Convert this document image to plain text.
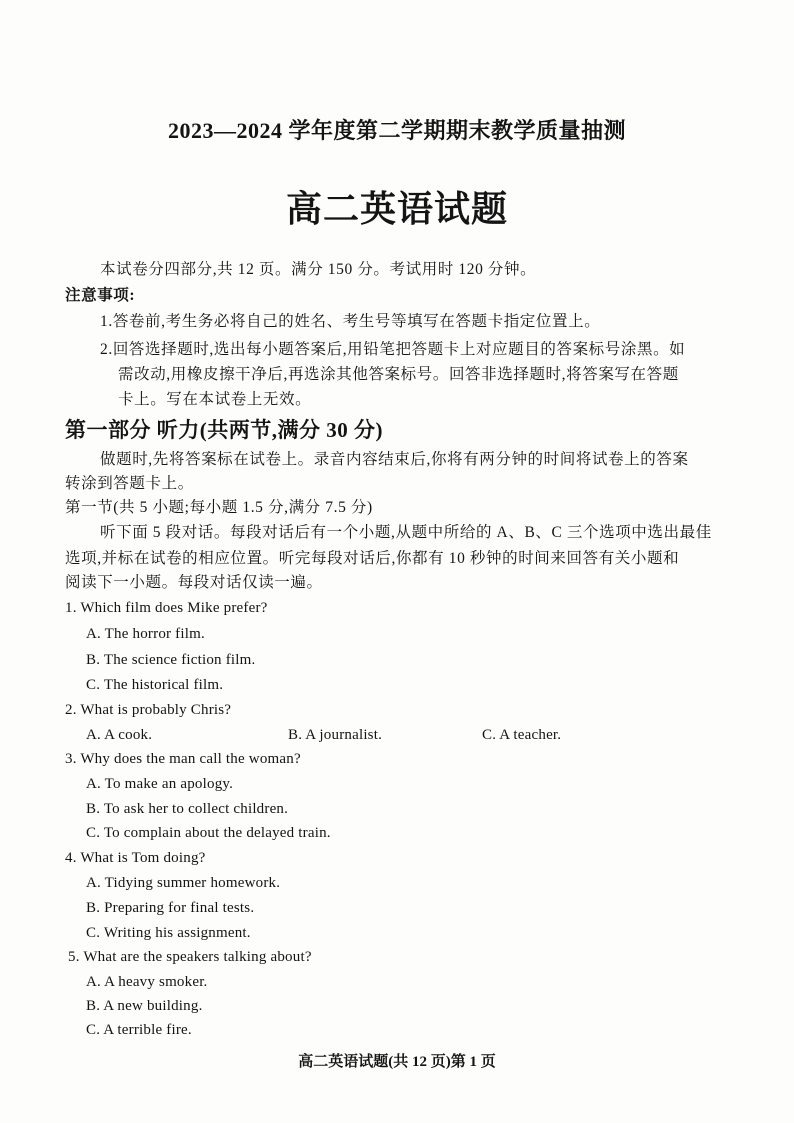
2023—2024 学年度第二学期期末教学质量抽测
高二英语试题
本试卷分四部分,共 12 页。满分 150 分。考试用时 120 分钟。
注意事项:
1.答卷前,考生务必将自己的姓名、考生号等填写在答题卡指定位置上。
2.回答选择题时,选出每小题答案后,用铅笔把答题卡上对应题目的答案标号涂黑。如
需改动,用橡皮擦干净后,再选涂其他答案标号。回答非选择题时,将答案写在答题
卡上。写在本试卷上无效。
第一部分 听力(共两节,满分 30 分)
做题时,先将答案标在试卷上。录音内容结束后,你将有两分钟的时间将试卷上的答案
转涂到答题卡上。
第一节(共 5 小题;每小题 1.5 分,满分 7.5 分)
听下面 5 段对话。每段对话后有一个小题,从题中所给的 A、B、C 三个选项中选出最佳
选项,并标在试卷的相应位置。听完每段对话后,你都有 10 秒钟的时间来回答有关小题和
阅读下一小题。每段对话仅读一遍。
1. Which film does Mike prefer?
A. The horror film.
B. The science fiction film.
C. The historical film.
2. What is probably Chris?
A. A cook.	B. A journalist.	C. A teacher.
3. Why does the man call the woman?
A. To make an apology.
B. To ask her to collect children.
C. To complain about the delayed train.
4. What is Tom doing?
A. Tidying summer homework.
B. Preparing for final tests.
C. Writing his assignment.
5. What are the speakers talking about?
A. A heavy smoker.
B. A new building.
C. A terrible fire.
高二英语试题(共 12 页)第 1 页
